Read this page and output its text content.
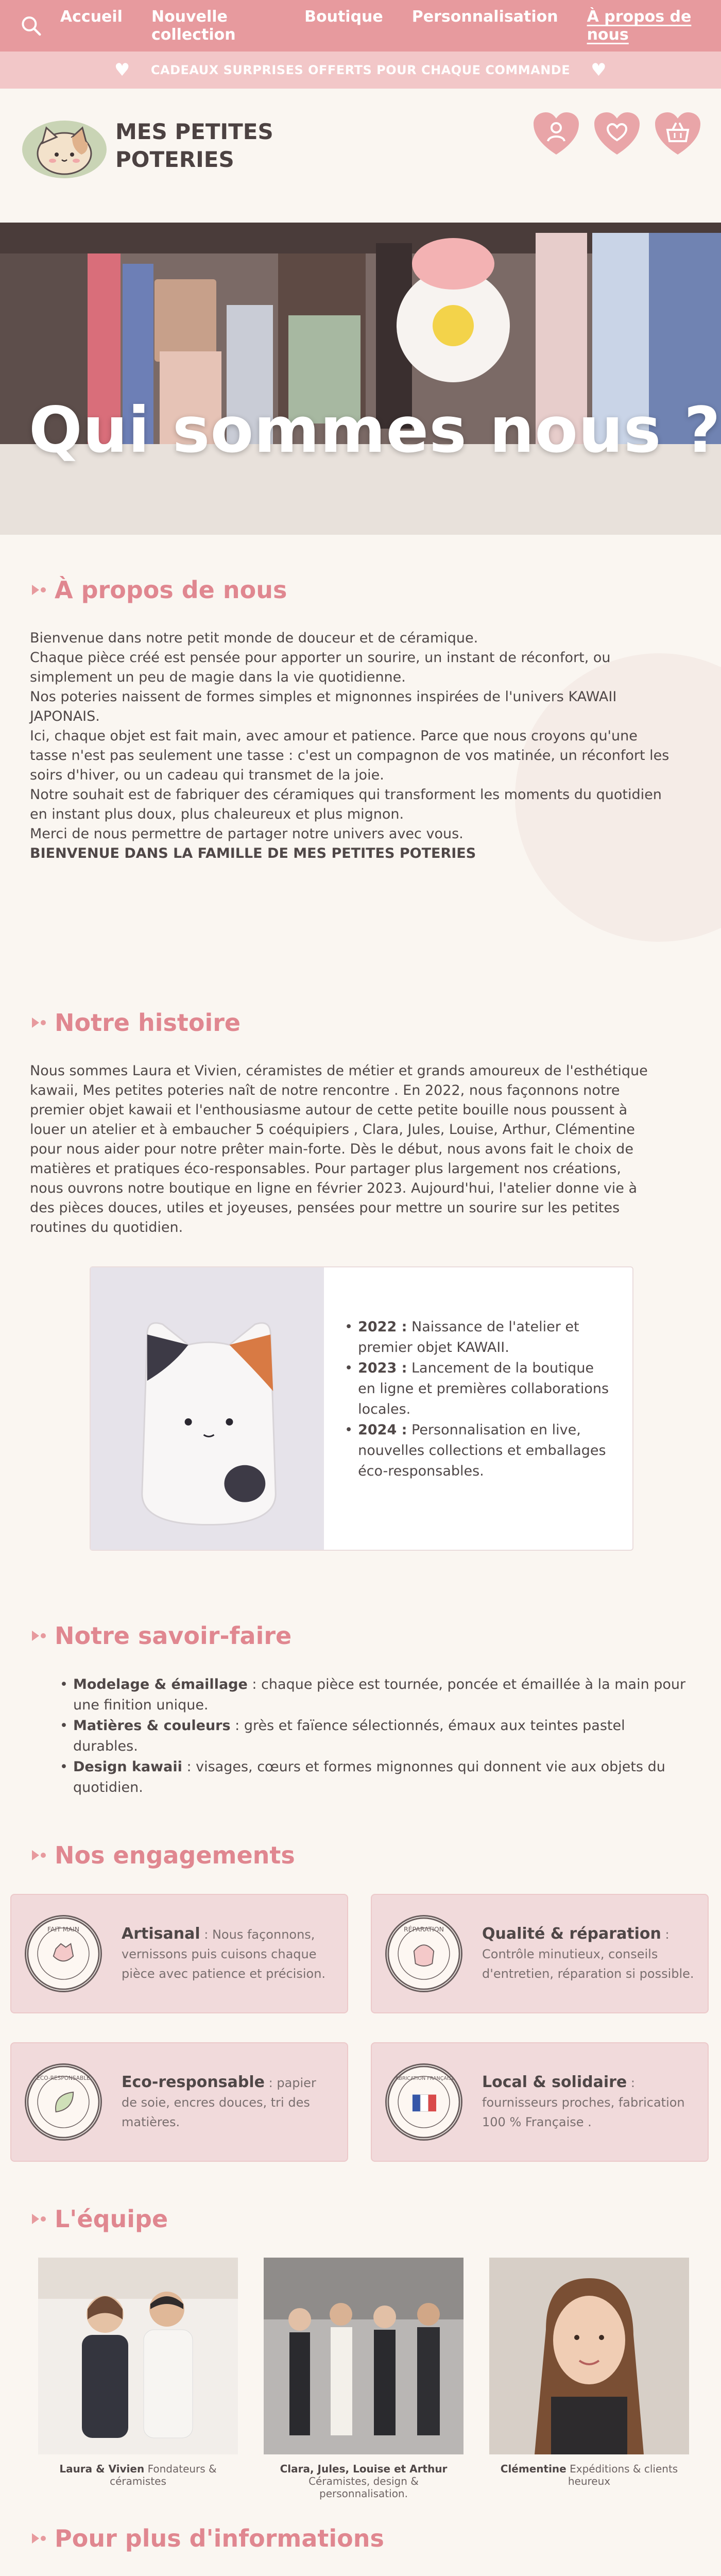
Accueil Nouvelle collection
Boutique Personnalisation À propos de nous
♥ CADEAUX SURPRISES OFFERTS POUR CHAQUE COMMANDE ♥
MES PETITES
POTERIES
Qui sommes nous ?
À propos de nous

Bienvenue dans notre petit monde de douceur et de céramique.

Chaque pièce créé est pensée pour apporter un sourire, un instant de réconfort, ou simplement un peu de magie dans la vie quotidienne.

Nos poteries naissent de formes simples et mignonnes inspirées de l'univers KAWAII JAPONAIS.

Ici, chaque objet est fait main, avec amour et patience. Parce que nous croyons qu'une tasse n'est pas seulement une tasse : c'est un compagnon de vos matinée, un réconfort les soirs d'hiver, ou un cadeau qui transmet de la joie.

Notre souhait est de fabriquer des céramiques qui transforment les moments du quotidien en instant plus doux, plus chaleureux et plus mignon.

Merci de nous permettre de partager notre univers avec vous.

BIENVENUE DANS LA FAMILLE DE MES PETITES POTERIES

Notre histoire

Nous sommes Laura et Vivien, céramistes de métier et grands amoureux de l'esthétique kawaii, Mes petites poteries naît de notre rencontre . En 2022, nous façonnons notre premier objet kawaii et l'enthousiasme autour de cette petite bouille nous poussent à louer un atelier et à embaucher 5 coéquipiers , Clara, Jules, Louise, Arthur, Clémentine pour nous aider pour notre prêter main-forte. Dès le début, nous avons fait le choix de matières et pratiques éco-responsables. Pour partager plus largement nos créations, nous ouvrons notre boutique en ligne en février 2023. Aujourd'hui, l'atelier donne vie à des pièces douces, utiles et joyeuses, pensées pour mettre un sourire sur les petites routines du quotidien.

• 2022 : Naissance de l'atelier et premier objet KAWAII.
• 2023 : Lancement de la boutique en ligne et premières collaborations locales.
• 2024 : Personnalisation en live, nouvelles collections et emballages éco-responsables.
Notre savoir-faire
• Modelage & émaillage : chaque pièce est tournée, poncée et émaillée à la main pour une finition unique.
• Matières & couleurs : grès et faïence sélectionnés, émaux aux teintes pastel durables.
• Design kawaii : visages, cœurs et formes mignonnes qui donnent vie aux objets du quotidien.
Nos engagements
FAIT MAIN	Artisanal : Nous façonnons, vernissons puis cuisons chaque pièce avec patience et précision.
RÉPARATION Qualité & réparation : Contrôle minutieux, conseils d'entretien, réparation si possible.
ÉCO-RESPONSABLE Eco-responsable : papier de soie, encres douces, tri des matières.
FABRICATION FRANÇAISE Local & solidaire : fournisseurs proches, fabrication 100 % Française .
L'équipe
Laura & Vivien Fondateurs & céramistes
Clara, Jules, Louise et Arthur Céramistes, design & personnalisation.
Clémentine Expéditions & clients heureux
Pour plus d'informations
